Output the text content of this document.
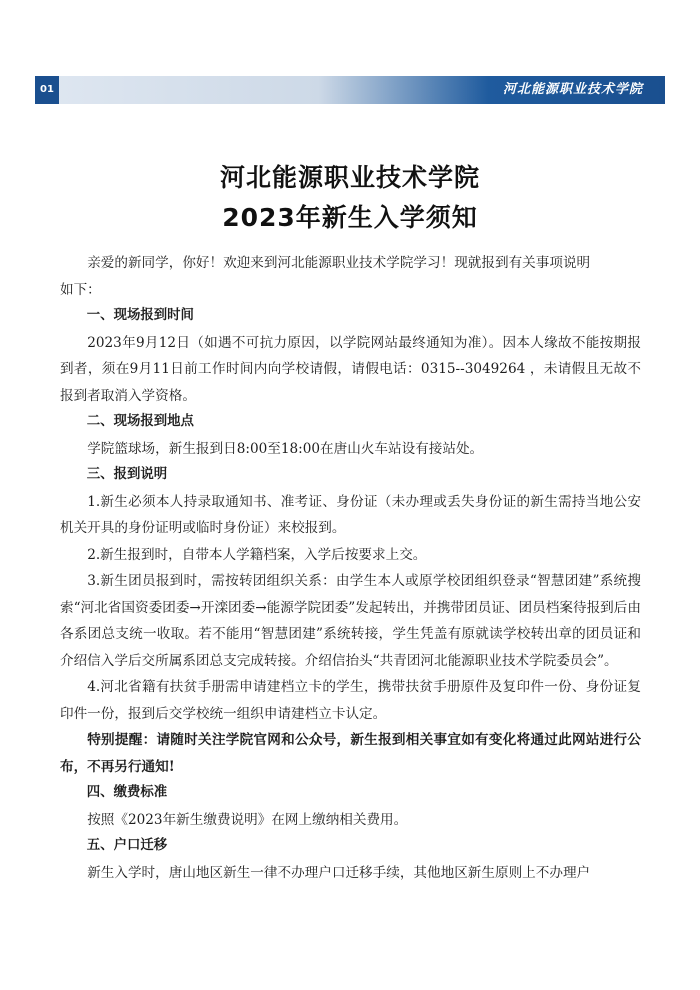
01	河北能源职业技术学院
河北能源职业技术学院
2023年新生入学须知

亲爱的新同学，你好！欢迎来到河北能源职业技术学院学习！现就报到有关事项说明

如下：

一、现场报到时间

2023年9月12日（如遇不可抗力原因，以学院网站最终通知为准）。因本人缘故不能按期报到者，须在9月11日前工作时间内向学校请假，请假电话：0315--3049264 ，未请假且无故不报到者取消入学资格。

二、现场报到地点

学院篮球场，新生报到日8:00至18:00在唐山火车站设有接站处。

三、报到说明

1.新生必须本人持录取通知书、准考证、身份证（未办理或丢失身份证的新生需持当地公安机关开具的身份证明或临时身份证）来校报到。

2.新生报到时，自带本人学籍档案，入学后按要求上交。

3.新生团员报到时，需按转团组织关系：由学生本人或原学校团组织登录“智慧团建”系统搜索“河北省国资委团委→开滦团委→能源学院团委”发起转出，并携带团员证、团员档案待报到后由各系团总支统一收取。若不能用“智慧团建”系统转接，学生凭盖有原就读学校转出章的团员证和介绍信入学后交所属系团总支完成转接。介绍信抬头“共青团河北能源职业技术学院委员会”。

4.河北省籍有扶贫手册需申请建档立卡的学生，携带扶贫手册原件及复印件一份、身份证复印件一份，报到后交学校统一组织申请建档立卡认定。

特别提醒：请随时关注学院官网和公众号，新生报到相关事宜如有变化将通过此网站进行公布，不再另行通知!

四、缴费标准

按照《2023年新生缴费说明》在网上缴纳相关费用。

五、户口迁移

新生入学时，唐山地区新生一律不办理户口迁移手续，其他地区新生原则上不办理户
